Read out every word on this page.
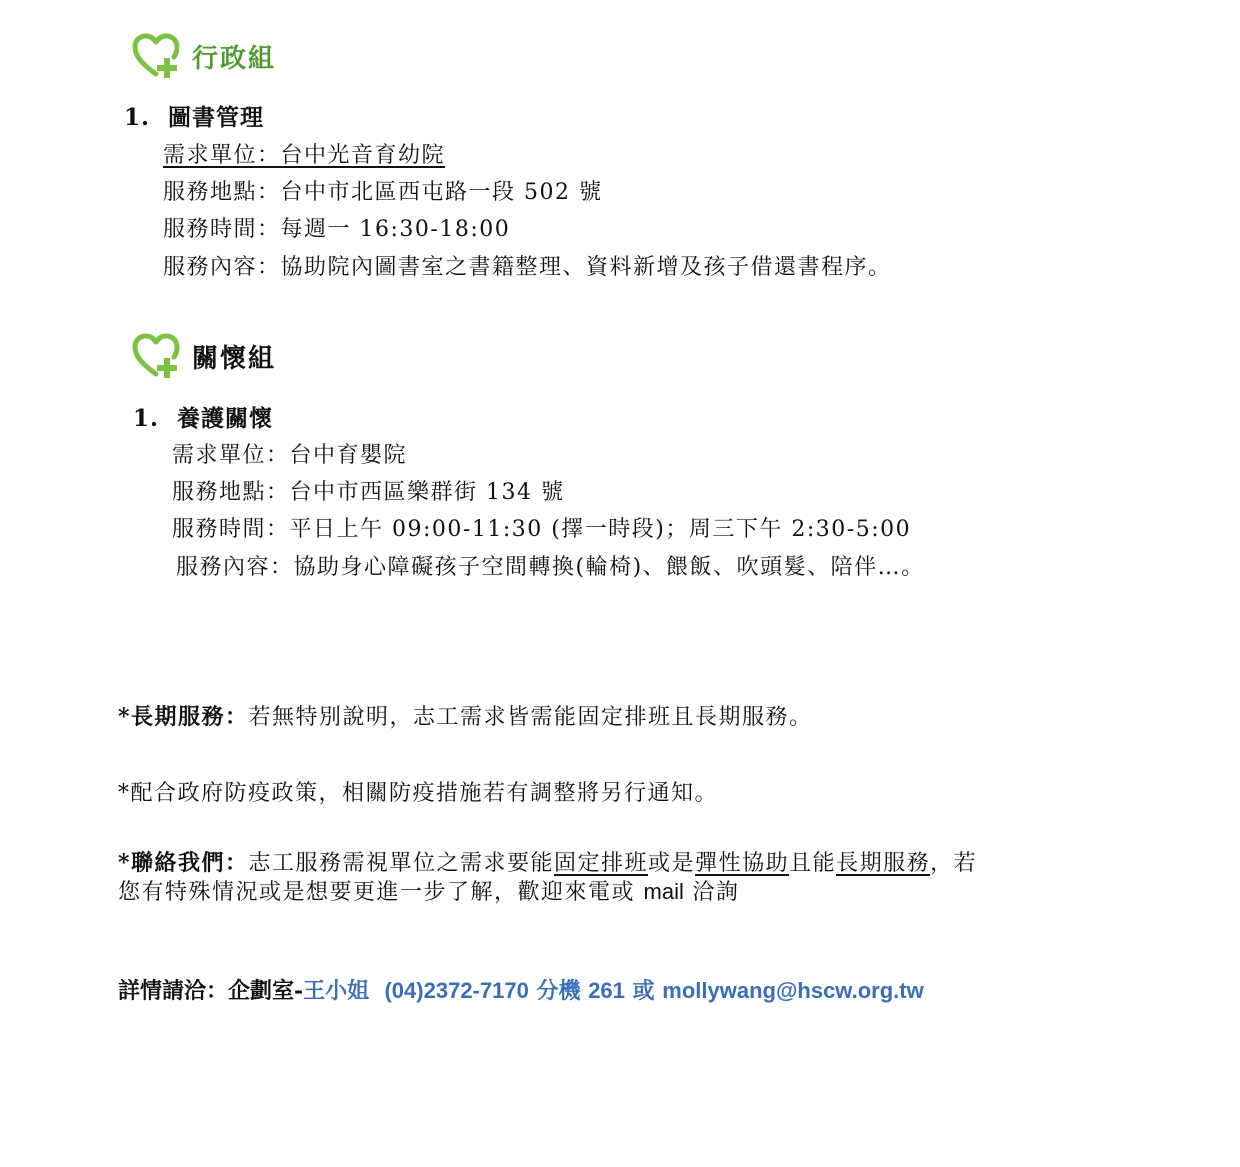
行政組
1. 圖書管理
需求單位：台中光音育幼院
服務地點：台中市北區西屯路一段 502 號
服務時間：每週一 16:30-18:00
服務內容：協助院內圖書室之書籍整理、資料新增及孩子借還書程序。
關懷組
1. 養護關懷
需求單位：台中育嬰院
服務地點：台中市西區樂群街 134 號
服務時間：平日上午 09:00-11:30 (擇一時段)；周三下午 2:30-5:00
服務內容：協助身心障礙孩子空間轉換(輪椅)、餵飯、吹頭髮、陪伴…。
*長期服務：若無特別說明，志工需求皆需能固定排班且長期服務。
*配合政府防疫政策，相關防疫措施若有調整將另行通知。
*聯絡我們：志工服務需視單位之需求要能固定排班或是彈性協助且能長期服務，若
您有特殊情況或是想要更進一步了解，歡迎來電或 mail 洽詢
詳情請洽：企劃室-王小姐 (04)2372-7170 分機 261 或 mollywang@hscw.org.tw
